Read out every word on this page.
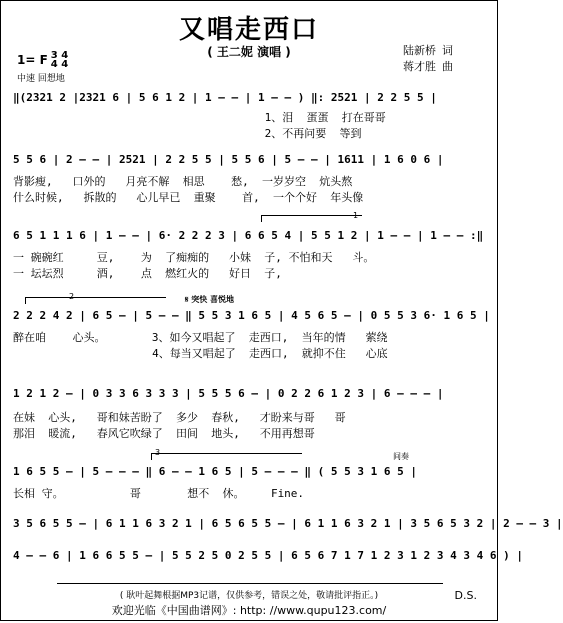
又唱走西口
( 王二妮 演唱 )
1= F 3 4
4 4
中速 回想地
陆新桥 词
蒋才胜 曲
‖(2321 2 |2321 6 | 5 6 1 2 | 1 — — | 1 — — ) ‖: 2521 | 2 2 5 5 |
1、泪  蛋蛋  打在哥哥
2、不再问要  等到
5 5 6 | 2 — — | 2521 | 2 2 5 5 | 5 5 6 | 5 — — | 1611 | 1 6 0 6 |
背影瘦,   口外的   月亮不解  相思    愁,  一岁岁空  炕头熬
什么时候,   拆散的   心儿早已  重聚    首,  一个个好  年头像
1
6 5 1 1 1 6 | 1 — — | 6· 2 2 2 3 | 6 6 5 4 | 5 5 1 2 | 1 — — | 1 — — :‖
一 碗碗红     豆,    为  了痴痴的   小妹  子, 不怕和天   斗。
一 坛坛烈     酒,    点  燃红火的   好日  子,
2	𝄋 突快 喜悦地
2 2 2 4 2 | 6 5 — | 5 — — ‖ 5 5 3 1 6 5 | 4 5 6 5 — | 0 5 5 3 6· 1 6 5 |
醉在咱    心头。       3、如今又唱起了  走西口,  当年的情   萦绕
4、每当又唱起了  走西口,  就抑不住   心底
1 2 1 2 — | 0 3 3 6 3 3 3 | 5 5 5 6 — | 0 2 2 6 1 2 3 | 6 — — — |
在妹  心头,   哥和妹苦盼了  多少  春秋,   才盼来与哥   哥
那泪  暖流,   春风它吹绿了  田间  地头,   不用再想哥
3	间奏
1 6 5 5 — | 5 — — — ‖ 6 — — 1 6 5 | 5 — — — ‖ ( 5 5 3 1 6 5 |
长相 守。          哥       想不  休。    Fine.
3 5 6 5 5 — | 6 1 1 6 3 2 1 | 6 5 6 5 5 — | 6 1 1 6 3 2 1 | 3 5 6 5 3 2 | 2 — — 3 |
4 — — 6 | 1 6 6 5 5 — | 5 5 2 5 0 2 5 5 | 6 5 6 7 1 7 1 2 3 1 2 3 4 3 4 6 ) |
D.S.
( 耿叶起舞根据MP3记谱，仅供参考，错误之处，敬请批评指正。)
欢迎光临《中国曲谱网》: http: //www.qupu123.com/
